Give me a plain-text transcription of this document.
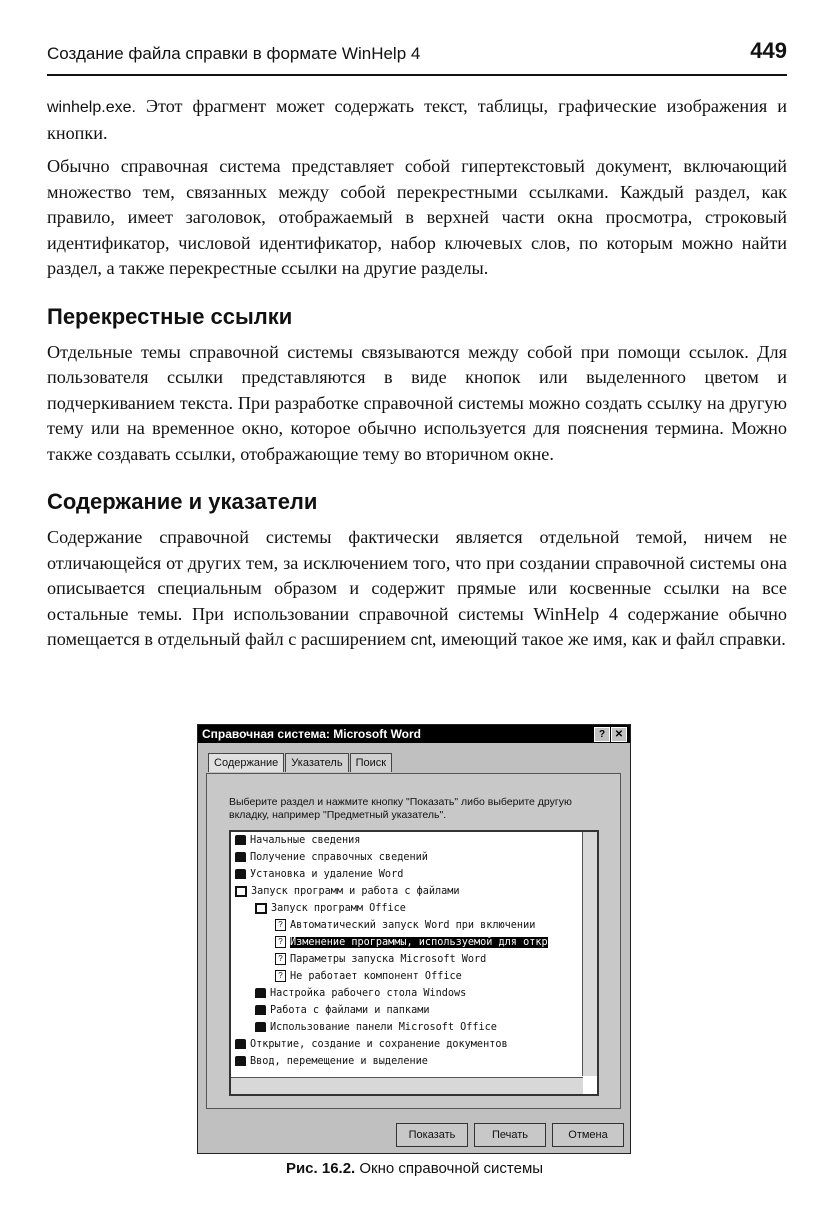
Создание файла справки в формате WinHelp 4	449

winhelp.exe. Этот фрагмент может содержать текст, таблицы, графические изображения и кнопки.

Обычно справочная система представляет собой гипертекстовый документ, включающий множество тем, связанных между собой перекрестными ссылками. Каждый раздел, как правило, имеет заголовок, отображаемый в верхней части окна просмотра, строковый идентификатор, числовой идентификатор, набор ключевых слов, по которым можно найти раздел, а также перекрестные ссылки на другие разделы.

Перекрестные ссылки

Отдельные темы справочной системы связываются между собой при помощи ссылок. Для пользователя ссылки представляются в виде кнопок или выделенного цветом и подчеркиванием текста. При разработке справочной системы можно создать ссылку на другую тему или на временное окно, которое обычно используется для пояснения термина. Можно также создавать ссылки, отображающие тему во вторичном окне.

Содержание и указатели

Содержание справочной системы фактически является отдельной темой, ничем не отличающейся от других тем, за исключением того, что при создании справочной системы она описывается специальным образом и содержит прямые или косвенные ссылки на все остальные темы. При использовании справочной системы WinHelp 4 содержание обычно помещается в отдельный файл с расширением cnt, имеющий такое же имя, как и файл справки.

Справочная система: Microsoft Word	? ✕
Содержание Указатель Поиск
Выберите раздел и нажмите кнопку "Показать" либо выберите другую вкладку, например "Предметный указатель".
Начальные сведения
Получение справочных сведений
Установка и удаление Word
Запуск программ и работа с файлами
Запуск программ Office
? Автоматический запуск Word при включении
? Изменение программы, используемой для откр
? Параметры запуска Microsoft Word
? Не работает компонент Office
Настройка рабочего стола Windows
Работа с файлами и папками
Использование панели Microsoft Office
Открытие, создание и сохранение документов
Ввод, перемещение и выделение
Показать	Печать	Отмена
Рис. 16.2. Окно справочной системы
